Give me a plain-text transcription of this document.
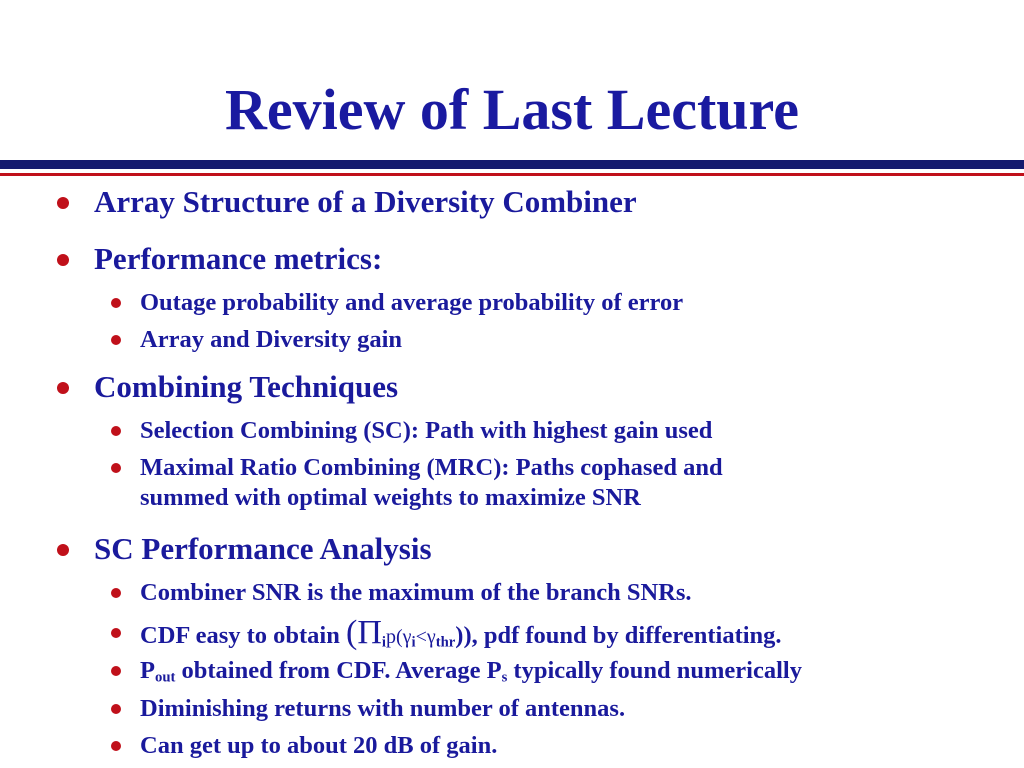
Review of Last Lecture
Array Structure of a Diversity Combiner
Performance metrics:
Outage probability and average probability of error
Array and Diversity gain
Combining Techniques
Selection Combining (SC): Path with highest gain used
Maximal Ratio Combining (MRC): Paths cophased and
summed with optimal weights to maximize SNR
SC Performance Analysis
Combiner SNR is the maximum of the branch SNRs.
CDF easy to obtain $(\Pi_ip(\gamma_i<\gamma_{thr}))$, pdf found by differentiating.
$P_{out}$ obtained from CDF. Average $P_s$ typically found numerically
Diminishing returns with number of antennas.
Can get up to about 20 dB of gain.
